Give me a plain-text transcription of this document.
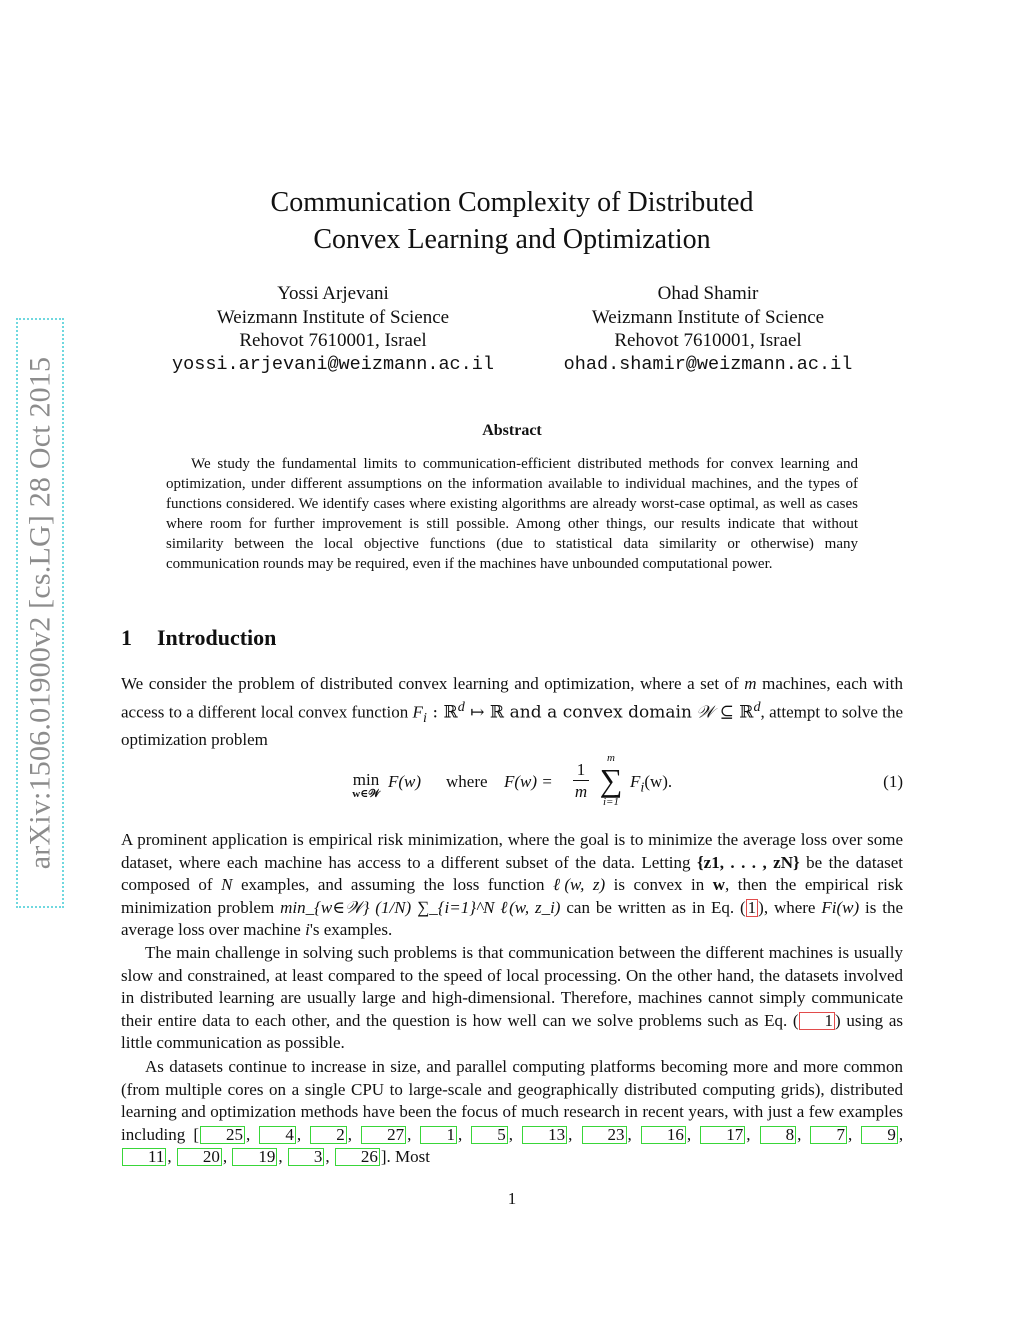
arXiv:1506.01900v2 [cs.LG] 28 Oct 2015
Communication Complexity of Distributed
Convex Learning and Optimization
Yossi Arjevani
Weizmann Institute of Science
Rehovot 7610001, Israel
yossi.arjevani@weizmann.ac.il
Ohad Shamir
Weizmann Institute of Science
Rehovot 7610001, Israel
ohad.shamir@weizmann.ac.il
Abstract
We study the fundamental limits to communication-efficient distributed methods for convex learning and optimization, under different assumptions on the information available to individual machines, and the types of functions considered. We identify cases where existing algorithms are already worst-case optimal, as well as cases where room for further improvement is still possible. Among other things, our results indicate that without similarity between the local objective functions (due to statistical data similarity or otherwise) many communication rounds may be required, even if the machines have unbounded computational power.
1 Introduction
We consider the problem of distributed convex learning and optimization, where a set of m machines, each with access to a different local convex function $F_i$ : ℝ$^d$ ↦ ℝ and a convex domain 𝒲 ⊆ ℝ$^d$, attempt to solve the optimization problem
min
w∈𝒲
F(w) where $F(w) = \frac{1}{m}$
m
∑
i=1
$F_i(w)$.	(1)
A prominent application is empirical risk minimization, where the goal is to minimize the average loss over some dataset, where each machine has access to a different subset of the data. Letting {z1, . . . , zN} be the dataset composed of N examples, and assuming the loss function ℓ(w, z) is convex in w, then the empirical risk minimization problem min_{w∈𝒲} (1/N) ∑_{i=1}^N ℓ(w, z_i) can be written as in Eq. ( 1 ), where Fi(w) is the average loss over machine i's examples.
The main challenge in solving such problems is that communication between the different machines is usually slow and constrained, at least compared to the speed of local processing. On the other hand, the datasets involved in distributed learning are usually large and high-dimensional. Therefore, machines cannot simply communicate their entire data to each other, and the question is how well can we solve problems such as Eq. ( 1 ) using as little communication as possible.
As datasets continue to increase in size, and parallel computing platforms becoming more and more common (from multiple cores on a single CPU to large-scale and geographically distributed computing grids), distributed learning and optimization methods have been the focus of much research in recent years, with just a few examples including [ 25 , 4 , 2 , 27 , 1 , 5 , 13 , 23 , 16 , 17 , 8 , 7 , 9 , 11 , 20 , 19 , 3 , 26 ]. Most
1
